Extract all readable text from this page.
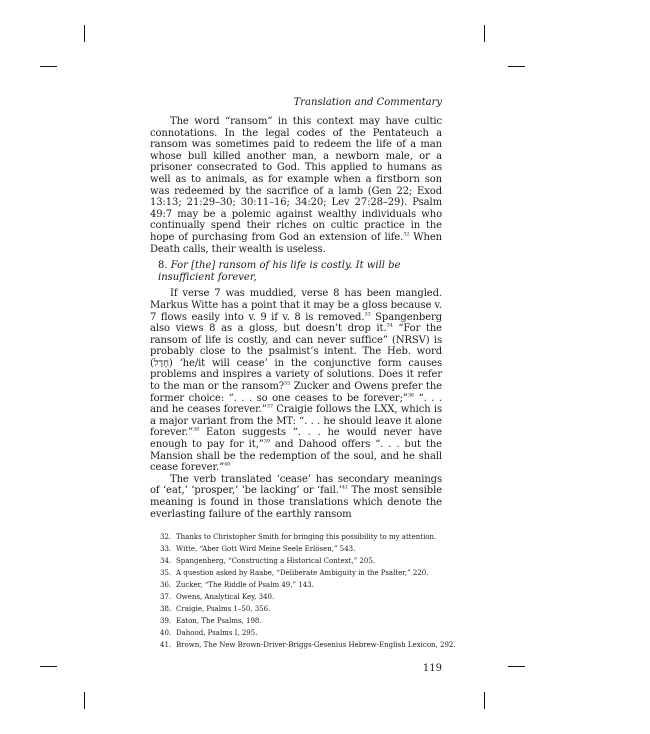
Translation and Commentary

The word “ransom” in this context may have cultic connotations. In the legal codes of the Pentateuch a ransom was sometimes paid to redeem the life of a man whose bull killed another man, a newborn male, or a prisoner consecrated to God. This applied to humans as well as to animals, as for example when a firstborn son was redeemed by the sacrifice of a lamb (Gen 22; Exod 13:13; 21:29–30; 30:11–16; 34:20; Lev 27:28–29). Psalm 49:7 may be a polemic against wealthy individuals who continually spend their riches on cultic practice in the hope of purchasing from God an extension of life.$^{32}$ When Death calls, their wealth is useless.

8. For [the] ransom of his life is costly. It will be insufficient forever,

If verse 7 was muddied, verse 8 has been mangled. Markus Witte has a point that it may be a gloss because v. 7 flows easily into v. 9 if v. 8 is removed.$^{33}$ Spangenberg also views 8 as a gloss, but doesn’t drop it.$^{34}$ “For the ransom of life is costly, and can never suffice” (NRSV) is probably close to the psalmist’s intent. The Heb. word (חָדַל) ‘he/it will cease’ in the conjunctive form causes problems and inspires a variety of solutions. Does it refer to the man or the ransom?$^{35}$ Zucker and Owens prefer the former choice: “. . . so one ceases to be forever;”$^{36}$ “. . . and he ceases forever.”$^{37}$ Craigie follows the LXX, which is a major variant from the MT: “. . . he should leave it alone forever.”$^{38}$ Eaton suggests “. . . he would never have enough to pay for it,”$^{39}$ and Dahood offers “. . . but the Mansion shall be the redemption of the soul, and he shall cease forever.”$^{40}$

The verb translated ‘cease’ has secondary meanings of ‘eat,’ ‘prosper,’ ‘be lacking’ or ‘fail.’$^{41}$ The most sensible meaning is found in those translations which denote the everlasting failure of the earthly ransom

32. Thanks to Christopher Smith for bringing this possibility to my attention.
33. Witte, “Aber Gott Wird Meine Seele Erlösen,” 543.
34. Spangenberg, “Constructing a Historical Context,” 205.
35. A question asked by Raabe, “Deliberate Ambiguity in the Psalter,” 220.
36. Zucker, “The Riddle of Psalm 49,” 143.
37. Owens, Analytical Key, 340.
38. Craigie, Psalms 1–50, 356.
39. Eaton, The Psalms, 198.
40. Dahood, Psalms I, 295.
41. Brown, The New Brown-Driver-Briggs-Gesenius Hebrew-English Lexicon, 292.
119
